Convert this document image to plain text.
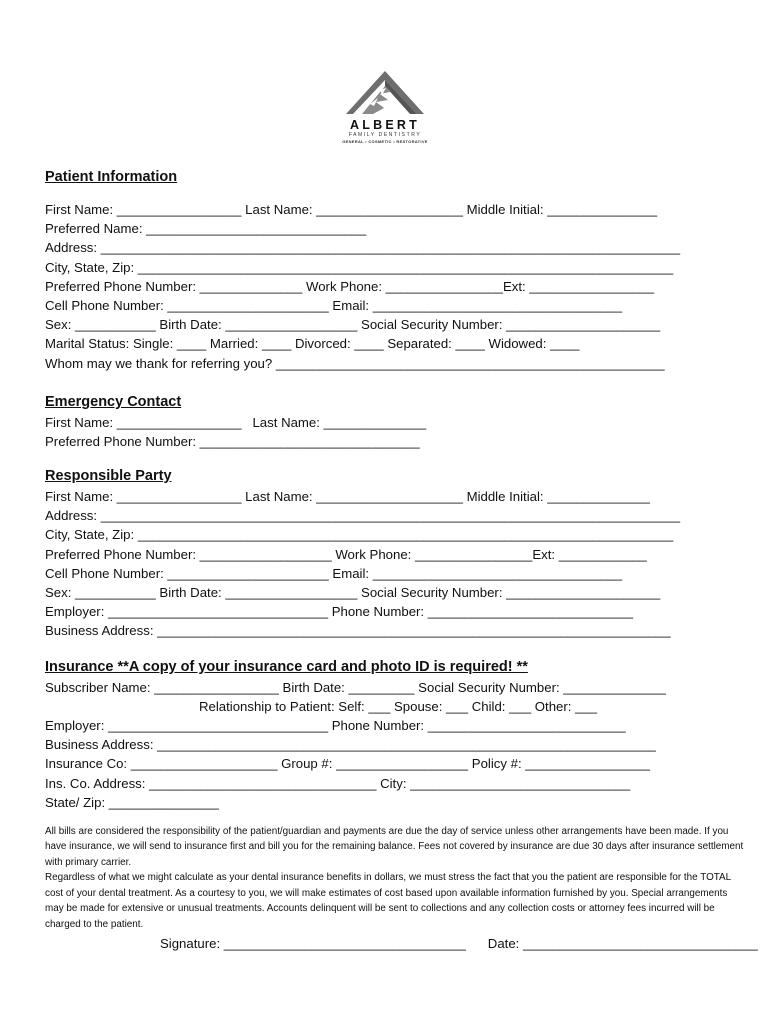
ALBERT
FAMILY DENTISTRY
GENERAL • COSMETIC • RESTORATIVE
Patient Information
First Name: _________________ Last Name: ____________________ Middle Initial: _______________
Preferred Name: ______________________________
Address: _______________________________________________________________________________
City, State, Zip: _________________________________________________________________________
Preferred Phone Number: ______________ Work Phone: ________________Ext: _________________
Cell Phone Number: ______________________ Email: __________________________________
Sex: ___________ Birth Date: __________________ Social Security Number: _____________________
Marital Status: Single: ____ Married: ____ Divorced: ____ Separated: ____ Widowed: ____
Whom may we thank for referring you? _____________________________________________________
Emergency Contact
First Name: _________________   Last Name: ______________
Preferred Phone Number: ______________________________
Responsible Party
First Name: _________________ Last Name: ____________________ Middle Initial: ______________
Address: _______________________________________________________________________________
City, State, Zip: _________________________________________________________________________
Preferred Phone Number: __________________ Work Phone: ________________Ext: ____________
Cell Phone Number: ______________________ Email: __________________________________
Sex: ___________ Birth Date: __________________ Social Security Number: _____________________
Employer: ______________________________ Phone Number: ____________________________
Business Address: ______________________________________________________________________
Insurance **A copy of your insurance card and photo ID is required! **
Subscriber Name: _________________ Birth Date: _________ Social Security Number: ______________
Relationship to Patient: Self: ___ Spouse: ___ Child: ___ Other: ___
Employer: ______________________________ Phone Number: ___________________________
Business Address: ____________________________________________________________________
Insurance Co: ____________________ Group #: __________________ Policy #: _________________
Ins. Co. Address: _______________________________ City: ______________________________
State/ Zip: _______________
All bills are considered the responsibility of the patient/guardian and payments are due the day of service unless other arrangements have been made. If you have insurance, we will send to insurance first and bill you for the remaining balance. Fees not covered by insurance are due 30 days after insurance settlement with primary carrier.
Regardless of what we might calculate as your dental insurance benefits in dollars, we must stress the fact that you the patient are responsible for the TOTAL cost of your dental treatment. As a courtesy to you, we will make estimates of cost based upon available information furnished by you. Special arrangements may be made for extensive or unusual treatments. Accounts delinquent will be sent to collections and any collection costs or attorney fees incurred will be charged to the patient.
Signature: _________________________________      Date: ________________________________
